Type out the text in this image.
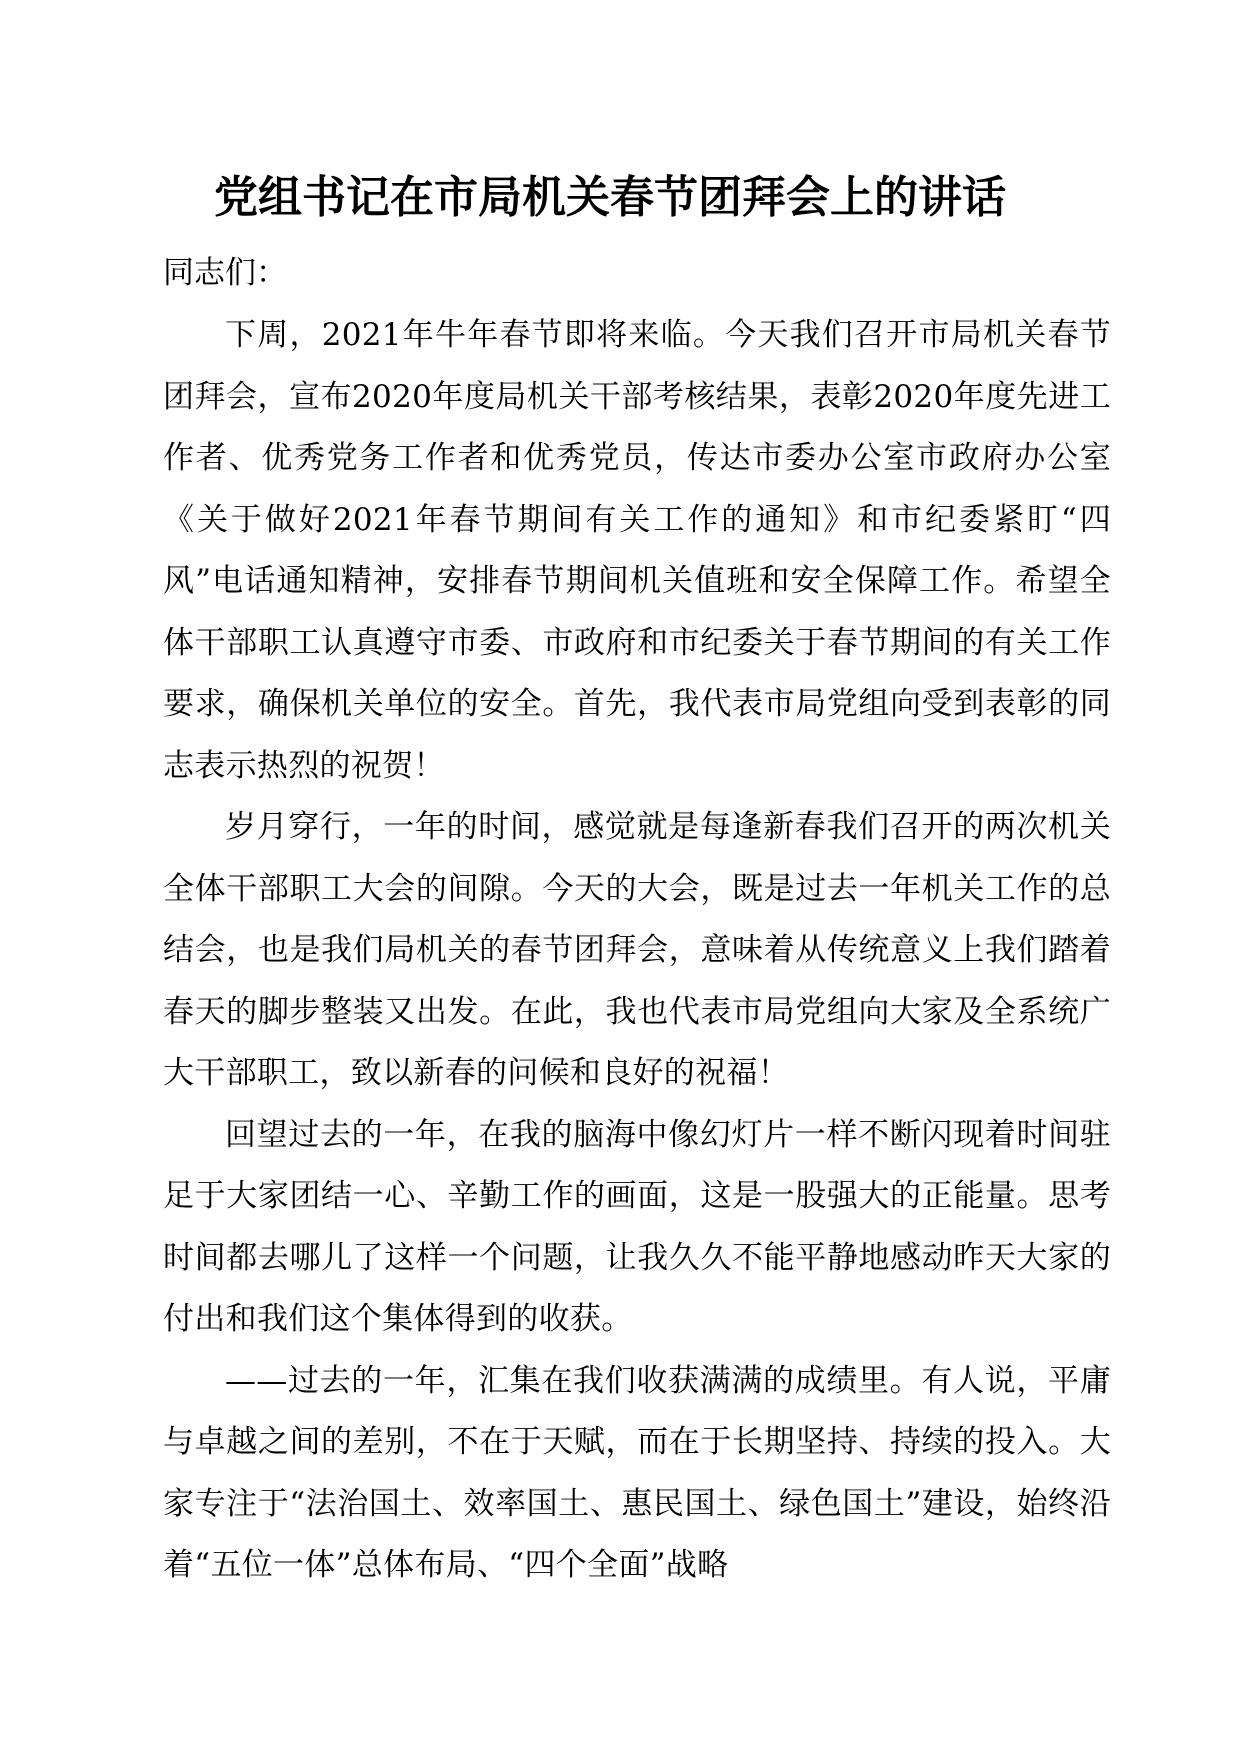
党组书记在市局机关春节团拜会上的讲话
同志们：

下周，2021年牛年春节即将来临。今天我们召开市局机关春节团拜会，宣布2020年度局机关干部考核结果，表彰2020年度先进工作者、优秀党务工作者和优秀党员，传达市委办公室市政府办公室《关于做好2021年春节期间有关工作的通知》和市纪委紧盯“四风”电话通知精神，安排春节期间机关值班和安全保障工作。希望全体干部职工认真遵守市委、市政府和市纪委关于春节期间的有关工作要求，确保机关单位的安全。首先，我代表市局党组向受到表彰的同志表示热烈的祝贺！

岁月穿行，一年的时间，感觉就是每逢新春我们召开的两次机关全体干部职工大会的间隙。今天的大会，既是过去一年机关工作的总结会，也是我们局机关的春节团拜会，意味着从传统意义上我们踏着春天的脚步整装又出发。在此，我也代表市局党组向大家及全系统广大干部职工，致以新春的问候和良好的祝福！

回望过去的一年，在我的脑海中像幻灯片一样不断闪现着时间驻足于大家团结一心、辛勤工作的画面，这是一股强大的正能量。思考时间都去哪儿了这样一个问题，让我久久不能平静地感动昨天大家的付出和我们这个集体得到的收获。

——过去的一年，汇集在我们收获满满的成绩里。有人说，平庸与卓越之间的差别，不在于天赋，而在于长期坚持、持续的投入。大家专注于“法治国土、效率国土、惠民国土、绿色国土”建设，始终沿着“五位一体”总体布局、“四个全面”战略
